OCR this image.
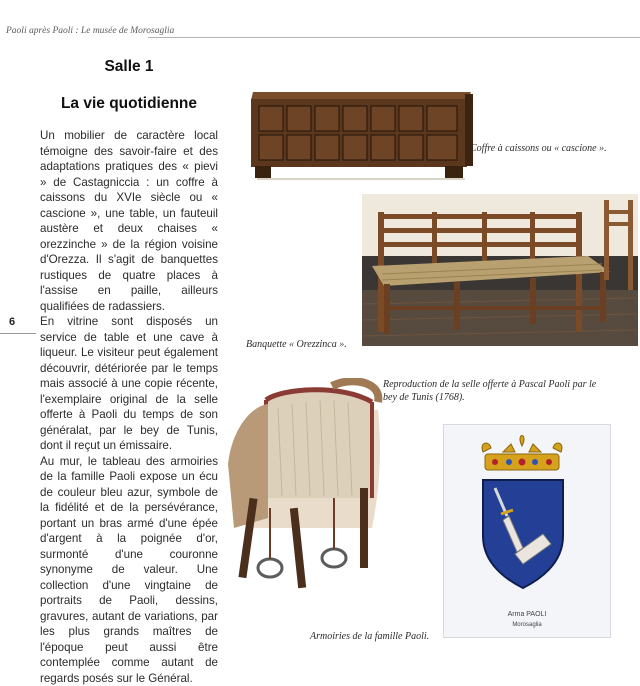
Paoli après Paoli : Le musée de Morosaglia
6
Salle 1
La vie quotidienne

Un mobilier de caractère local témoigne des savoir-faire et des adaptations pratiques des « pievi » de Castagniccia : un coffre à caissons du XVIe siècle ou « cascione », une table, un fauteuil austère et deux chaises « orezzinche » de la région voisine d'Orezza. Il s'agit de banquettes rustiques de quatre places à l'assise en paille, ailleurs qualifiées de radassiers.

En vitrine sont disposés un service de table et une cave à liqueur. Le visiteur peut également découvrir, détériorée par le temps mais associé à une copie récente, l'exemplaire original de la selle offerte à Paoli du temps de son généralat, par le bey de Tunis, dont il reçut un émissaire.

Au mur, le tableau des armoiries de la famille Paoli expose un écu de couleur bleu azur, symbole de la fidélité et de la persévérance, portant un bras armé d'une épée d'argent à la poignée d'or, surmonté d'une couronne synonyme de valeur. Une collection d'une vingtaine de portraits de Paoli, dessins, gravures, autant de variations, par les plus grands maîtres de l'époque peut aussi être contemplée comme autant de regards posés sur le Général.

Coffre à caissons ou « cascione ».
Banquette « Orezzinca ».
Reproduction de la selle offerte à Pascal Paoli par le bey de Tunis (1768).
Arma PAOLI
Morosaglia
Armoiries de la famille Paoli.
